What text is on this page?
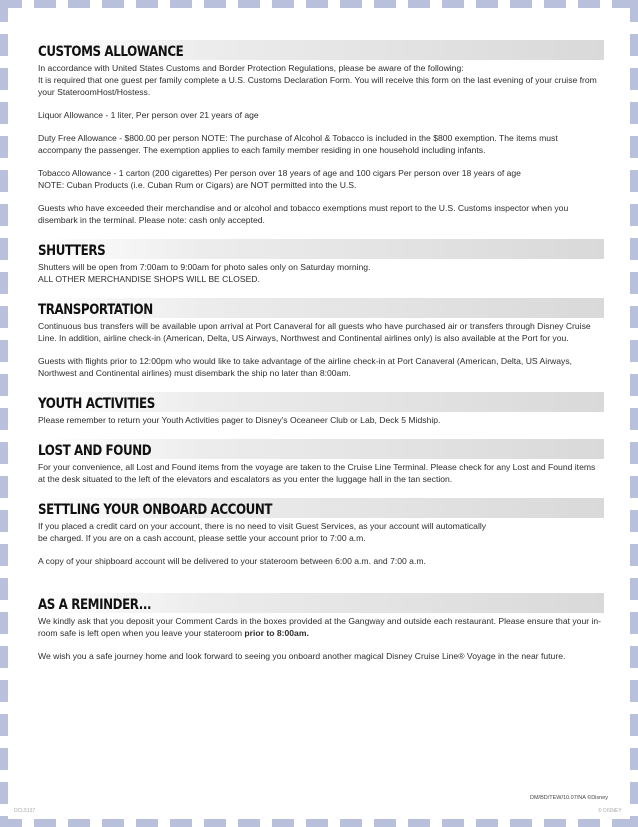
CUSTOMS ALLOWANCE

In accordance with United States Customs and Border Protection Regulations, please be aware of the following:

It is required that one guest per family complete a U.S. Customs Declaration Form. You will receive this form on the last evening of your cruise from your StateroomHost/Hostess.

Liquor Allowance - 1 liter, Per person over 21 years of age

Duty Free Allowance - $800.00 per person NOTE: The purchase of Alcohol & Tobacco is included in the $800 exemption. The items must accompany the passenger. The exemption applies to each family member residing in one household including infants.

Tobacco Allowance - 1 carton (200 cigarettes) Per person over 18 years of age and 100 cigars Per person over 18 years of age

NOTE: Cuban Products (i.e. Cuban Rum or Cigars) are NOT permitted into the U.S.

Guests who have exceeded their merchandise and or alcohol and tobacco exemptions must report to the U.S. Customs inspector when you disembark in the terminal. Please note: cash only accepted.

SHUTTERS

Shutters will be open from 7:00am to 9:00am for photo sales only on Saturday morning.

ALL OTHER MERCHANDISE SHOPS WILL BE CLOSED.

TRANSPORTATION

Continuous bus transfers will be available upon arrival at Port Canaveral for all guests who have purchased air or transfers through Disney Cruise Line. In addition, airline check-in (American, Delta, US Airways, Northwest and Continental airlines only) is also available at the Port for you.

Guests with flights prior to 12:00pm who would like to take advantage of the airline check-in at Port Canaveral (American, Delta, US Airways, Northwest and Continental airlines) must disembark the ship no later than 8:00am.

YOUTH ACTIVITIES

Please remember to return your Youth Activities pager to Disney's Oceaneer Club or Lab, Deck 5 Midship.

LOST AND FOUND

For your convenience, all Lost and Found items from the voyage are taken to the Cruise Line Terminal. Please check for any Lost and Found items at the desk situated to the left of the elevators and escalators as you enter the luggage hall in the tan section.

SETTLING YOUR ONBOARD ACCOUNT

If you placed a credit card on your account, there is no need to visit Guest Services, as your account will automatically

be charged. If you are on a cash account, please settle your account prior to 7:00 a.m.

A copy of your shipboard account will be delivered to your stateroom between 6:00 a.m. and 7:00 a.m.

AS A REMINDER...

We kindly ask that you deposit your Comment Cards in the boxes provided at the Gangway and outside each restaurant. Please ensure that your in-room safe is left open when you leave your stateroom prior to 8:00am.

We wish you a safe journey home and look forward to seeing you onboard another magical Disney Cruise Line® Voyage in the near future.

DM/BD/TEW/10.07/NA ©Disney
DCL5137	© DISNEY
